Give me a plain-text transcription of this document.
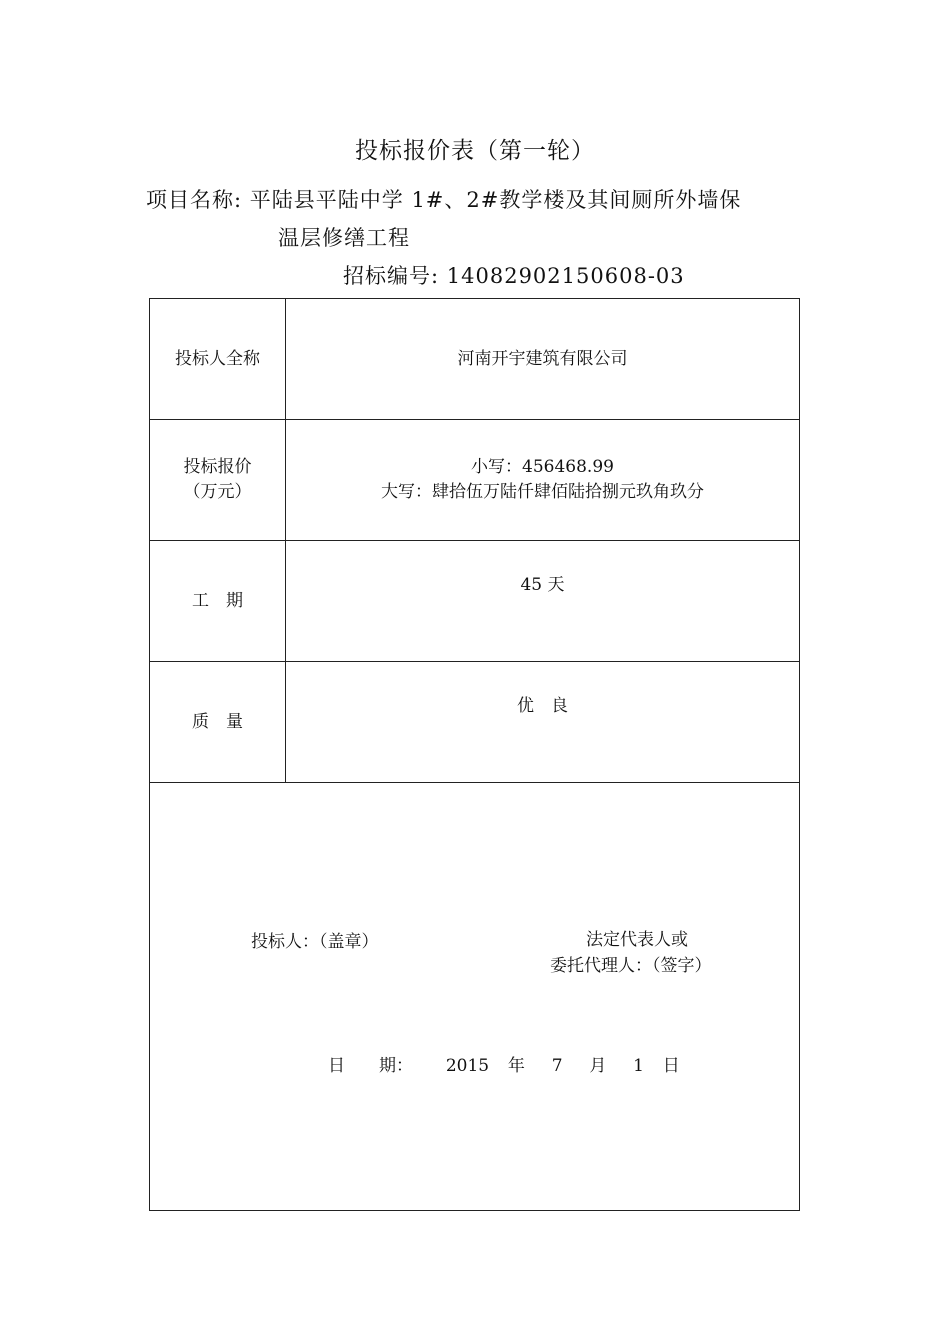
投标报价表（第一轮）
项目名称: 平陆县平陆中学 1#、2#教学楼及其间厕所外墙保
温层修缮工程
招标编号: 14082902150608-03
投标人全称	河南开宇建筑有限公司
投标报价
（万元）
小写：456468.99
大写：肆拾伍万陆仟肆佰陆拾捌元玖角玖分
工　期
45 天
质　量
优　良
投标人：（盖章）	法定代表人或
委托代理人：（签字）
日　　期： 2015 年 7 月 1 日
